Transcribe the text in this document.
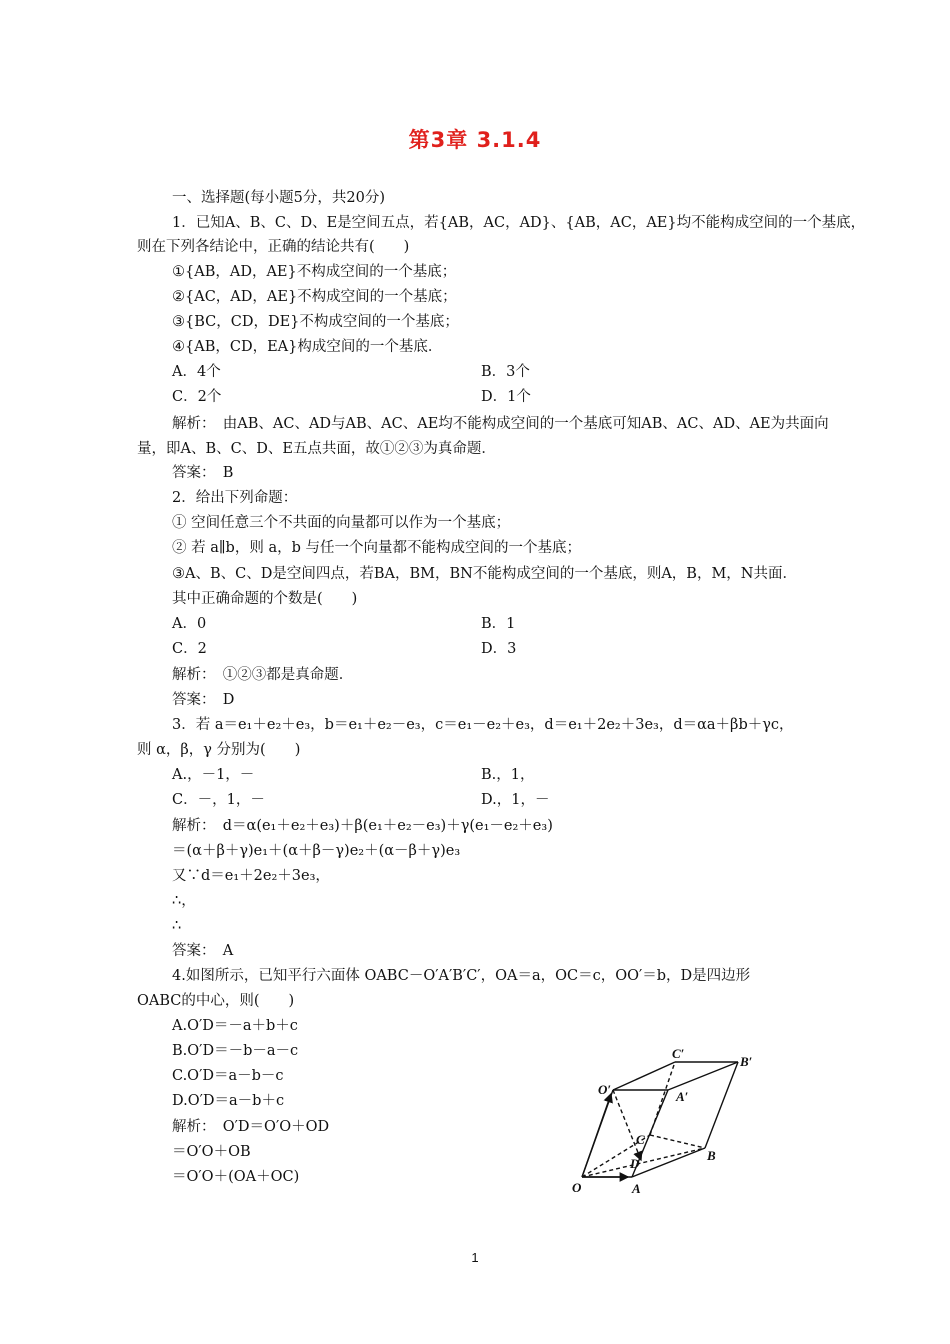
第3章 3.1.4
一、选择题(每小题5分，共20分)
1．已知A、B、C、D、E是空间五点，若{AB，AC，AD}、{AB，AC，AE}均不能构成空间的一个基底，
则在下列各结论中，正确的结论共有(　　)
①{AB，AD，AE}不构成空间的一个基底；
②{AC，AD，AE}不构成空间的一个基底；
③{BC，CD，DE}不构成空间的一个基底；
④{AB，CD，EA}构成空间的一个基底．
A．4个	B．3个
C．2个	D．1个
解析：　由AB、AC、AD与AB、AC、AE均不能构成空间的一个基底可知AB、AC、AD、AE为共面向
量，即A、B、C、D、E五点共面，故①②③为真命题．
答案：　B
2．给出下列命题：
① 空间任意三个不共面的向量都可以作为一个基底；
② 若 a∥b，则 a，b 与任一个向量都不能构成空间的一个基底；
③A、B、C、D是空间四点，若BA，BM，BN不能构成空间的一个基底，则A，B，M，N共面．
其中正确命题的个数是(　　)
A．0	B．1
C．2	D．3
解析：　①②③都是真命题．
答案：　D
3．若 a＝e₁＋e₂＋e₃，b＝e₁＋e₂－e₃，c＝e₁－e₂＋e₃，d＝e₁＋2e₂＋3e₃，d＝αa＋βb＋γc，
则 α，β，γ 分别为(　　)
A.，－1，－	B.，1，
C．－，1，－	D.，1，－
解析：　d＝α(e₁＋e₂＋e₃)＋β(e₁＋e₂－e₃)＋γ(e₁－e₂＋e₃)
＝(α＋β＋γ)e₁＋(α＋β－γ)e₂＋(α－β＋γ)e₃
又∵d＝e₁＋2e₂＋3e₃，
∴，
∴
答案：　A
4.如图所示，已知平行六面体 OABC－O′A′B′C′，OA＝a，OC＝c，OO′＝b，D是四边形
OABC的中心，则(　　)
A.O′D＝－a＋b＋c
B.O′D＝－b－a－c
C.O′D＝a－b－c
D.O′D＝a－b＋c
解析：　O′D＝O′O＋OD
＝O′O＋OB
＝O′O＋(OA＋OC)
O	A
B
C
D
O′	A′
B′
C′
1
